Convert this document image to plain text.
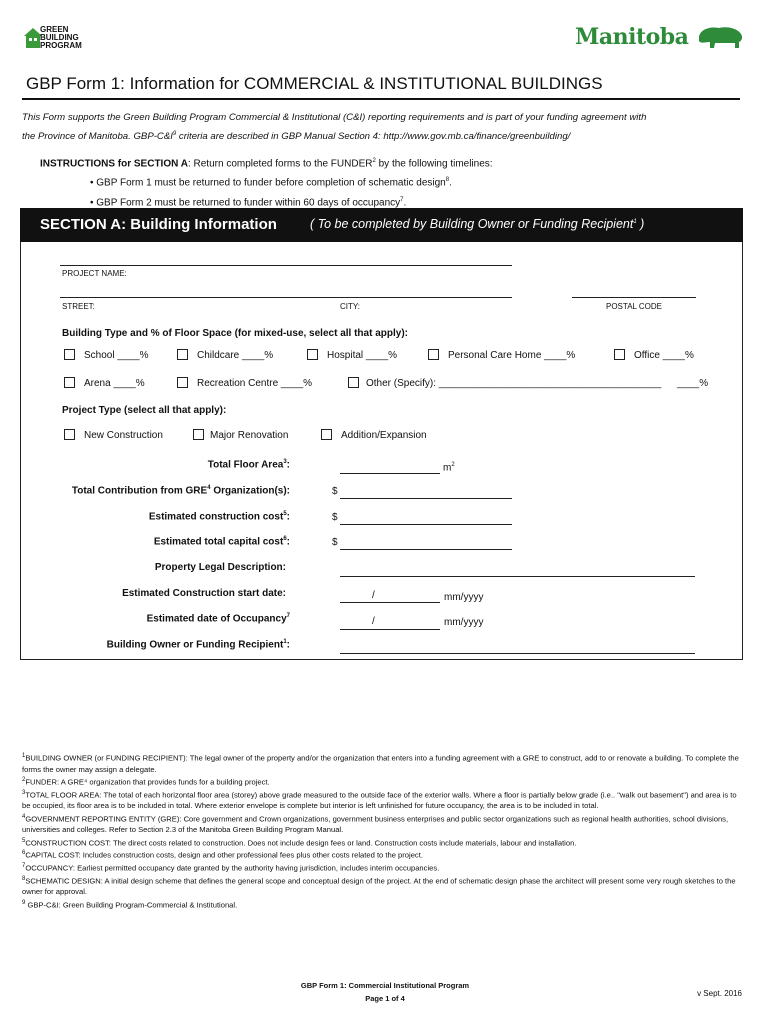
GREEN
BUILDING
PROGRAM	Manitoba
GBP Form 1: Information for COMMERCIAL & INSTITUTIONAL BUILDINGS
This Form supports the Green Building Program Commercial & Institutional (C&I) reporting requirements and is part of your funding agreement with
the Province of Manitoba. GBP-$C\&I^9$ criteria are described in GBP Manual Section 4: http://www.gov.mb.ca/finance/greenbuilding/
INSTRUCTIONS for SECTION A: Return completed forms to the FUNDER$^2$ by the following timelines:
• GBP Form 1 must be returned to funder before completion of schematic design$^8$.
• GBP Form 2 must be returned to funder within 60 days of occupancy$^7$.
SECTION A: Building Information	( To be completed by Building Owner or Funding Recipient$^1$ )
PROJECT NAME:
STREET:	CITY:	POSTAL CODE
Building Type and % of Floor Space (for mixed-use, select all that apply):
School ____%	Childcare ____%	Hospital ____%	Personal Care Home ____%	Office ____%
Arena ____%	Recreation Centre ____%	Other (Specify): ________________________________________ ____%
Project Type (select all that apply):
New Construction	Major Renovation	Addition/Expansion
Total Floor Area$^3$:	$m^2$
Total Contribution from GRE$^4$ Organization(s):	$
Estimated construction cost$^5$:	$
Estimated total capital cost$^6$:	$
Property Legal Description:
Estimated Construction start date:	/	mm/yyyy
Estimated date of Occupancy$^7$	/	mm/yyyy
Building Owner or Funding Recipient$^1$:

$^1$BUILDING OWNER (or FUNDING RECIPIENT): The legal owner of the property and/or the organization that enters into a funding agreement with a GRE to construct, add to or renovate a building. To complete the forms the owner may assign a delegate.

$^2$FUNDER: A GRE⁴ organization that provides funds for a building project.

$^3$TOTAL FLOOR AREA: The total of each horizontal floor area (storey) above grade measured to the outside face of the exterior walls. Where a floor is partially below grade (i.e.. "walk out basement") and area is to be occupied, its floor area is to be included in total. Where exterior envelope is complete but interior is left unfinished for future occupancy, the area is to be included in total.

$^4$GOVERNMENT REPORTING ENTITY (GRE): Core government and Crown organizations, government business enterprises and public sector organizations such as regional health authorities, school divisions, universities and colleges. Refer to Section 2.3 of the Manitoba Green Building Program Manual.

$^5$CONSTRUCTION COST: The direct costs related to construction. Does not include design fees or land. Construction costs include materials, labour and installation.

$^6$CAPITAL COST: Includes construction costs, design and other professional fees plus other costs related to the project.

$^7$OCCUPANCY: Earliest permitted occupancy date granted by the authority having jurisdiction, includes interim occupancies.

$^8$SCHEMATIC DESIGN: A initial design scheme that defines the general scope and conceptual design of the project. At the end of schematic design phase the architect will present some very rough sketches to the owner for approval.

$^9$ GBP-C&I: Green Building Program-Commercial & Institutional.

GBP Form 1: Commercial Institutional Program
Page 1 of 4
v Sept. 2016
